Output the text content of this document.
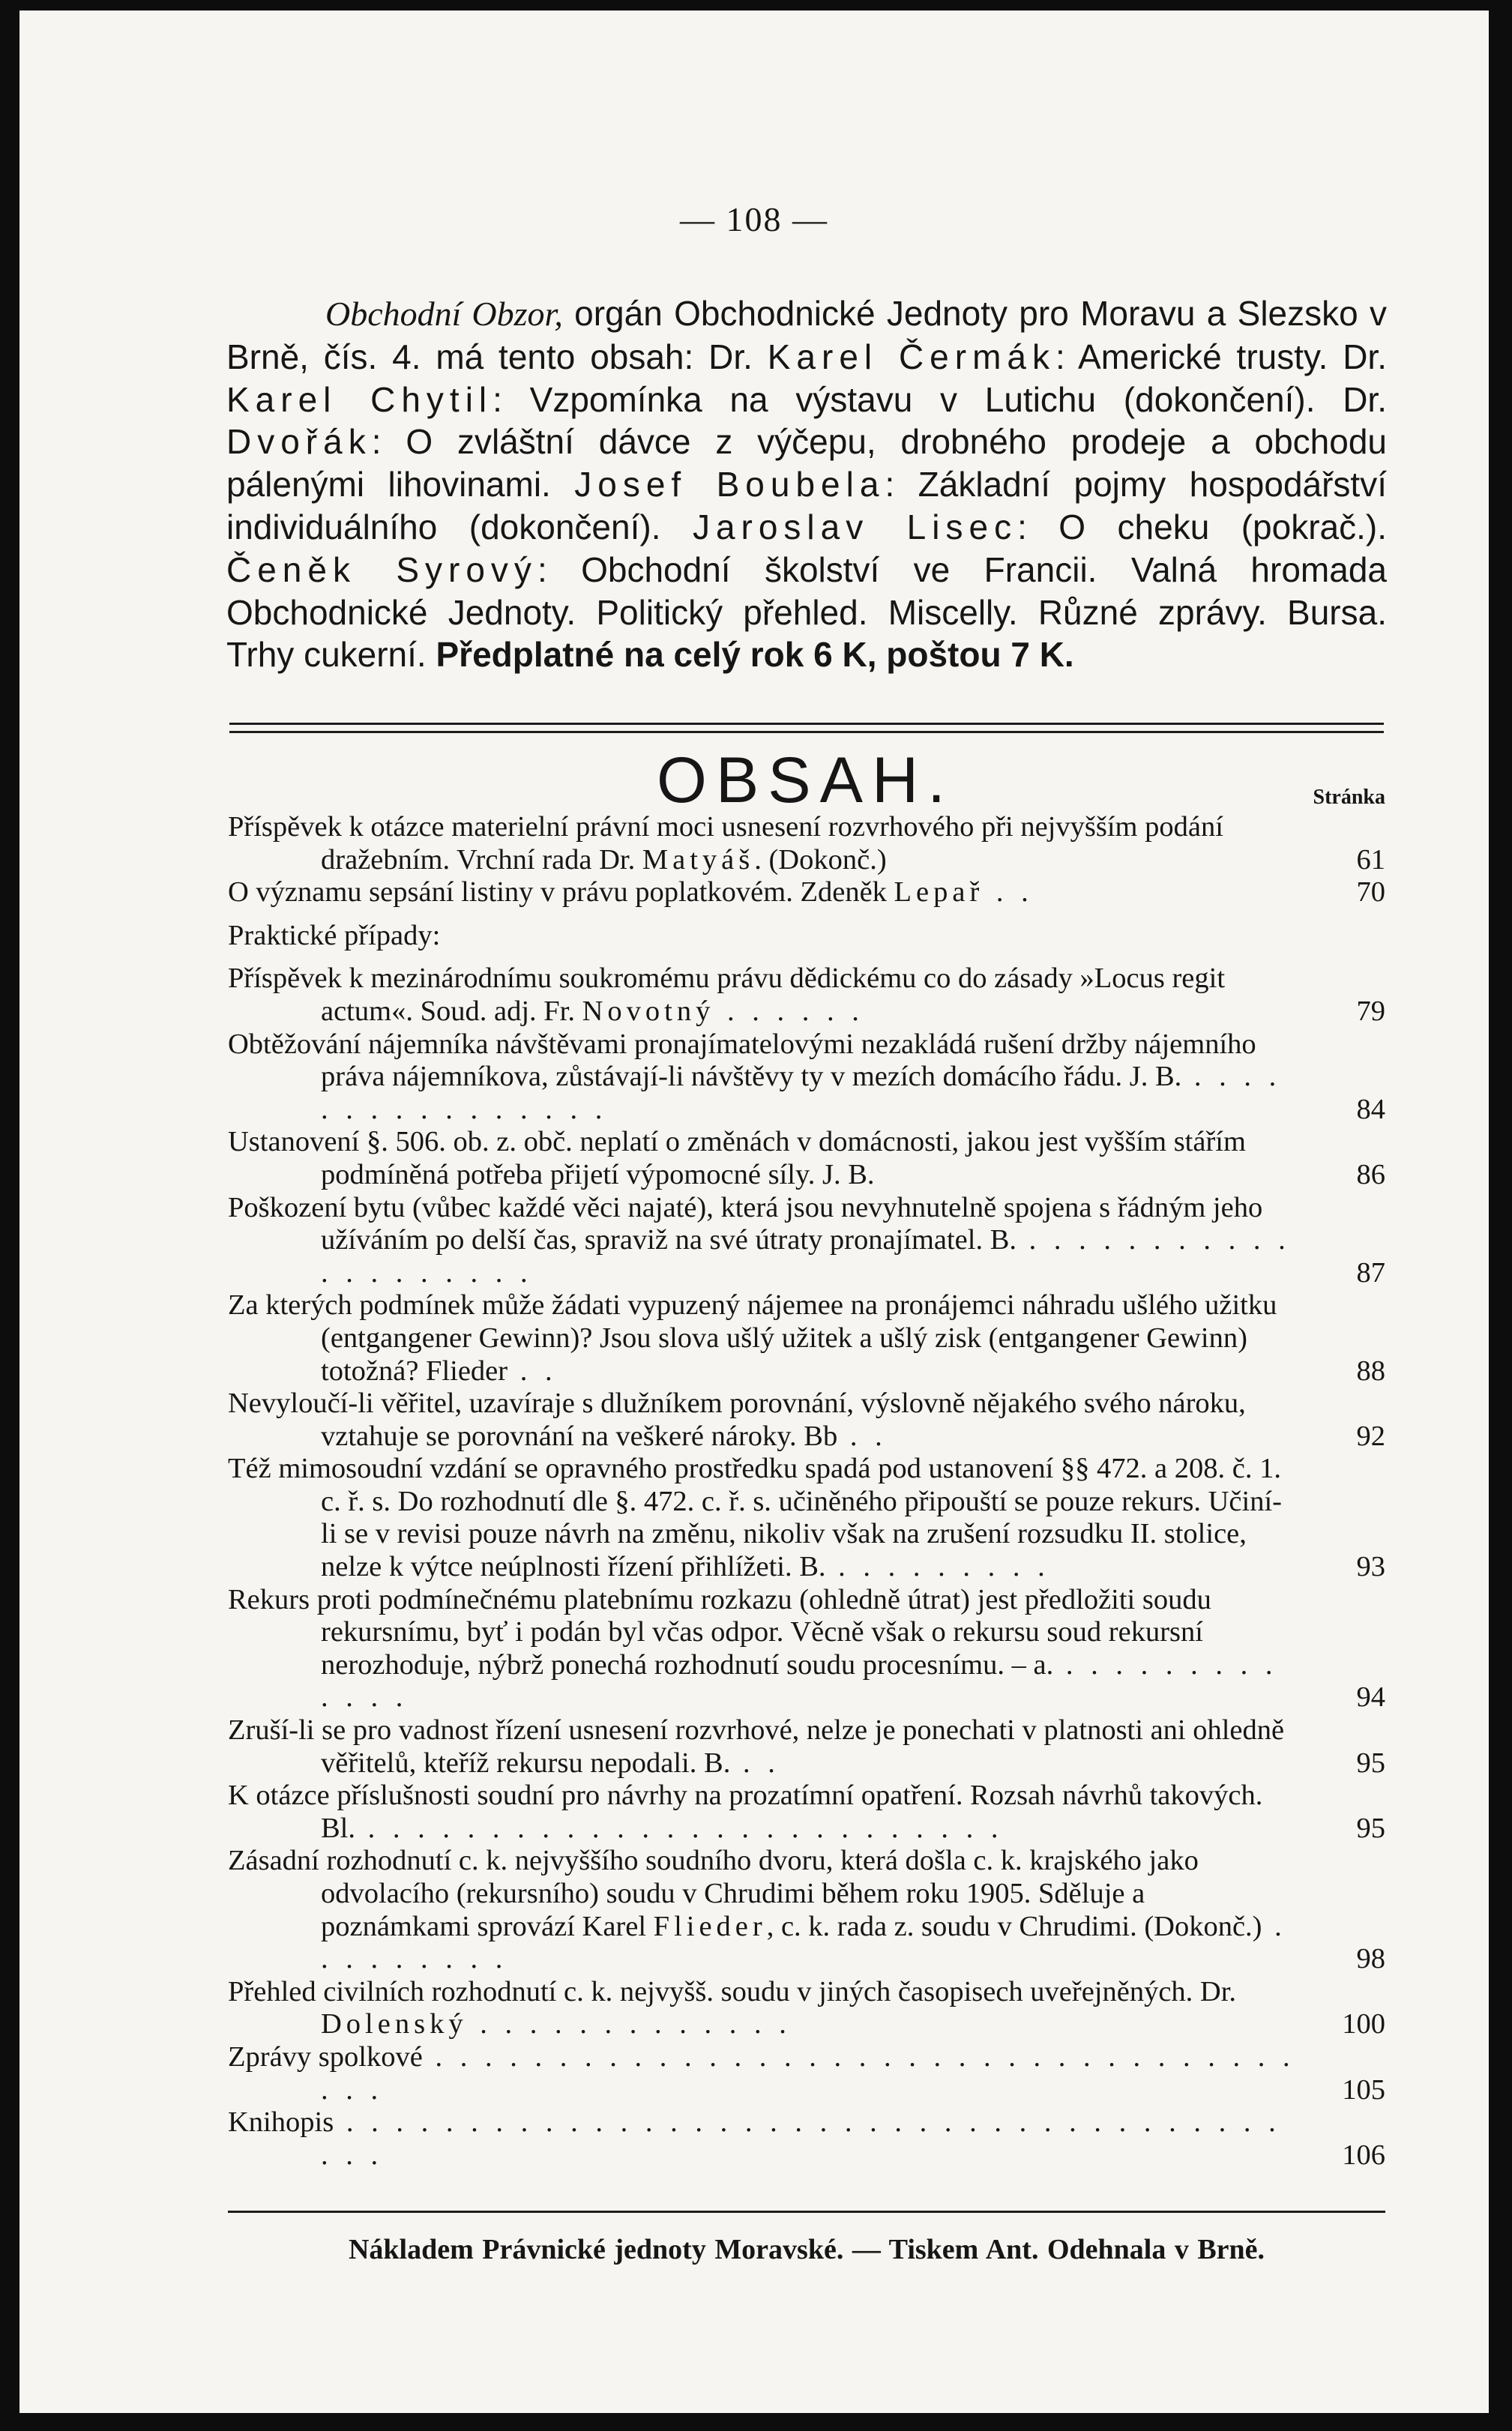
— 108 —

Obchodní Obzor, orgán Obchodnické Jednoty pro Moravu a Slezsko v Brně, čís. 4. má tento obsah: Dr. Karel Čermák: Americké trusty. Dr. Karel Chytil: Vzpomínka na výstavu v Lutichu (dokončení). Dr. Dvořák: O zvláštní dávce z výčepu, drobného prodeje a obchodu pálenými lihovinami. Josef Boubela: Základní pojmy hospodářství individuálního (dokončení). Jaroslav Lisec: O cheku (pokrač.). Čeněk Syrový: Obchodní školství ve Francii. Valná hromada Obchodnické Jednoty. Politický přehled. Miscelly. Různé zprávy. Bursa. Trhy cukerní. Předplatné na celý rok 6 K, poštou 7 K.

OBSAH.	Stránka
Příspěvek k otázce materielní právní moci usnesení rozvrhového při nejvyšším podání dražebním. Vrchní rada Dr. Matyáš. (Dokonč.)	61
O významu sepsání listiny v právu poplatkovém. Zdeněk Lepař . .	70
Praktické případy:
Příspěvek k mezinárodnímu soukromému právu dědickému co do zásady »Locus regit actum«. Soud. adj. Fr. Novotný . . . . . .	79
Obtěžování nájemníka návštěvami pronajímatelovými nezakládá rušení držby nájemního práva nájemníkova, zůstávají-li návštěvy ty v mezích domácího řádu. J. B. . . . . . . . . . . . . . . . .	84
Ustanovení §. 506. ob. z. obč. neplatí o změnách v domácnosti, jakou jest vyšším stářím podmíněná potřeba přijetí výpomocné síly. J. B.	86
Poškození bytu (vůbec každé věci najaté), která jsou nevyhnutelně spojena s řádným jeho užíváním po delší čas, spraviž na své útraty pronajímatel. B. . . . . . . . . . . . . . . . . . . . .	87
Za kterých podmínek může žádati vypuzený nájemee na pronájemci náhradu ušlého užitku (entgangener Gewinn)? Jsou slova ušlý užitek a ušlý zisk (entgangener Gewinn) totožná? Flieder . .	88
Nevyloučí-li věřitel, uzavíraje s dlužníkem porovnání, výslovně nějakého svého nároku, vztahuje se porovnání na veškeré nároky. Bb . .	92
Též mimosoudní vzdání se opravného prostředku spadá pod ustanovení §§ 472. a 208. č. 1. c. ř. s. Do rozhodnutí dle §. 472. c. ř. s. učiněného připouští se pouze rekurs. Učiní-li se v revisi pouze návrh na změnu, nikoliv však na zrušení rozsudku II. stolice, nelze k výtce neúplnosti řízení přihlížeti. B. . . . . . . . . .	93
Rekurs proti podmínečnému platebnímu rozkazu (ohledně útrat) jest předložiti soudu rekursnímu, byť i podán byl včas odpor. Věcně však o rekursu soud rekursní nerozhoduje, nýbrž ponechá rozhodnutí soudu procesnímu. – a. . . . . . . . . . . . . .	94
Zruší-li se pro vadnost řízení usnesení rozvrhové, nelze je ponechati v platnosti ani ohledně věřitelů, kteříž rekursu nepodali. B. . .	95
K otázce příslušnosti soudní pro návrhy na prozatímní opatření. Rozsah návrhů takových. Bl. . . . . . . . . . . . . . . . . . . . . . . . . . .	95
Zásadní rozhodnutí c. k. nejvyššího soudního dvoru, která došla c. k. krajského jako odvolacího (rekursního) soudu v Chrudimi během roku 1905. Sděluje a poznámkami sprovází Karel Flieder, c. k. rada z. soudu v Chrudimi. (Dokonč.) . . . . . . . . .	98
Přehled civilních rozhodnutí c. k. nejvyšš. soudu v jiných časopisech uveřejněných. Dr. Dolenský . . . . . . . . . . . . .	100
Zprávy spolkové . . . . . . . . . . . . . . . . . . . . . . . . . . . . . . . . . . . . . .	105
Knihopis . . . . . . . . . . . . . . . . . . . . . . . . . . . . . . . . . . . . . . . . .	106
Nákladem Právnické jednoty Moravské. — Tiskem Ant. Odehnala v Brně.
